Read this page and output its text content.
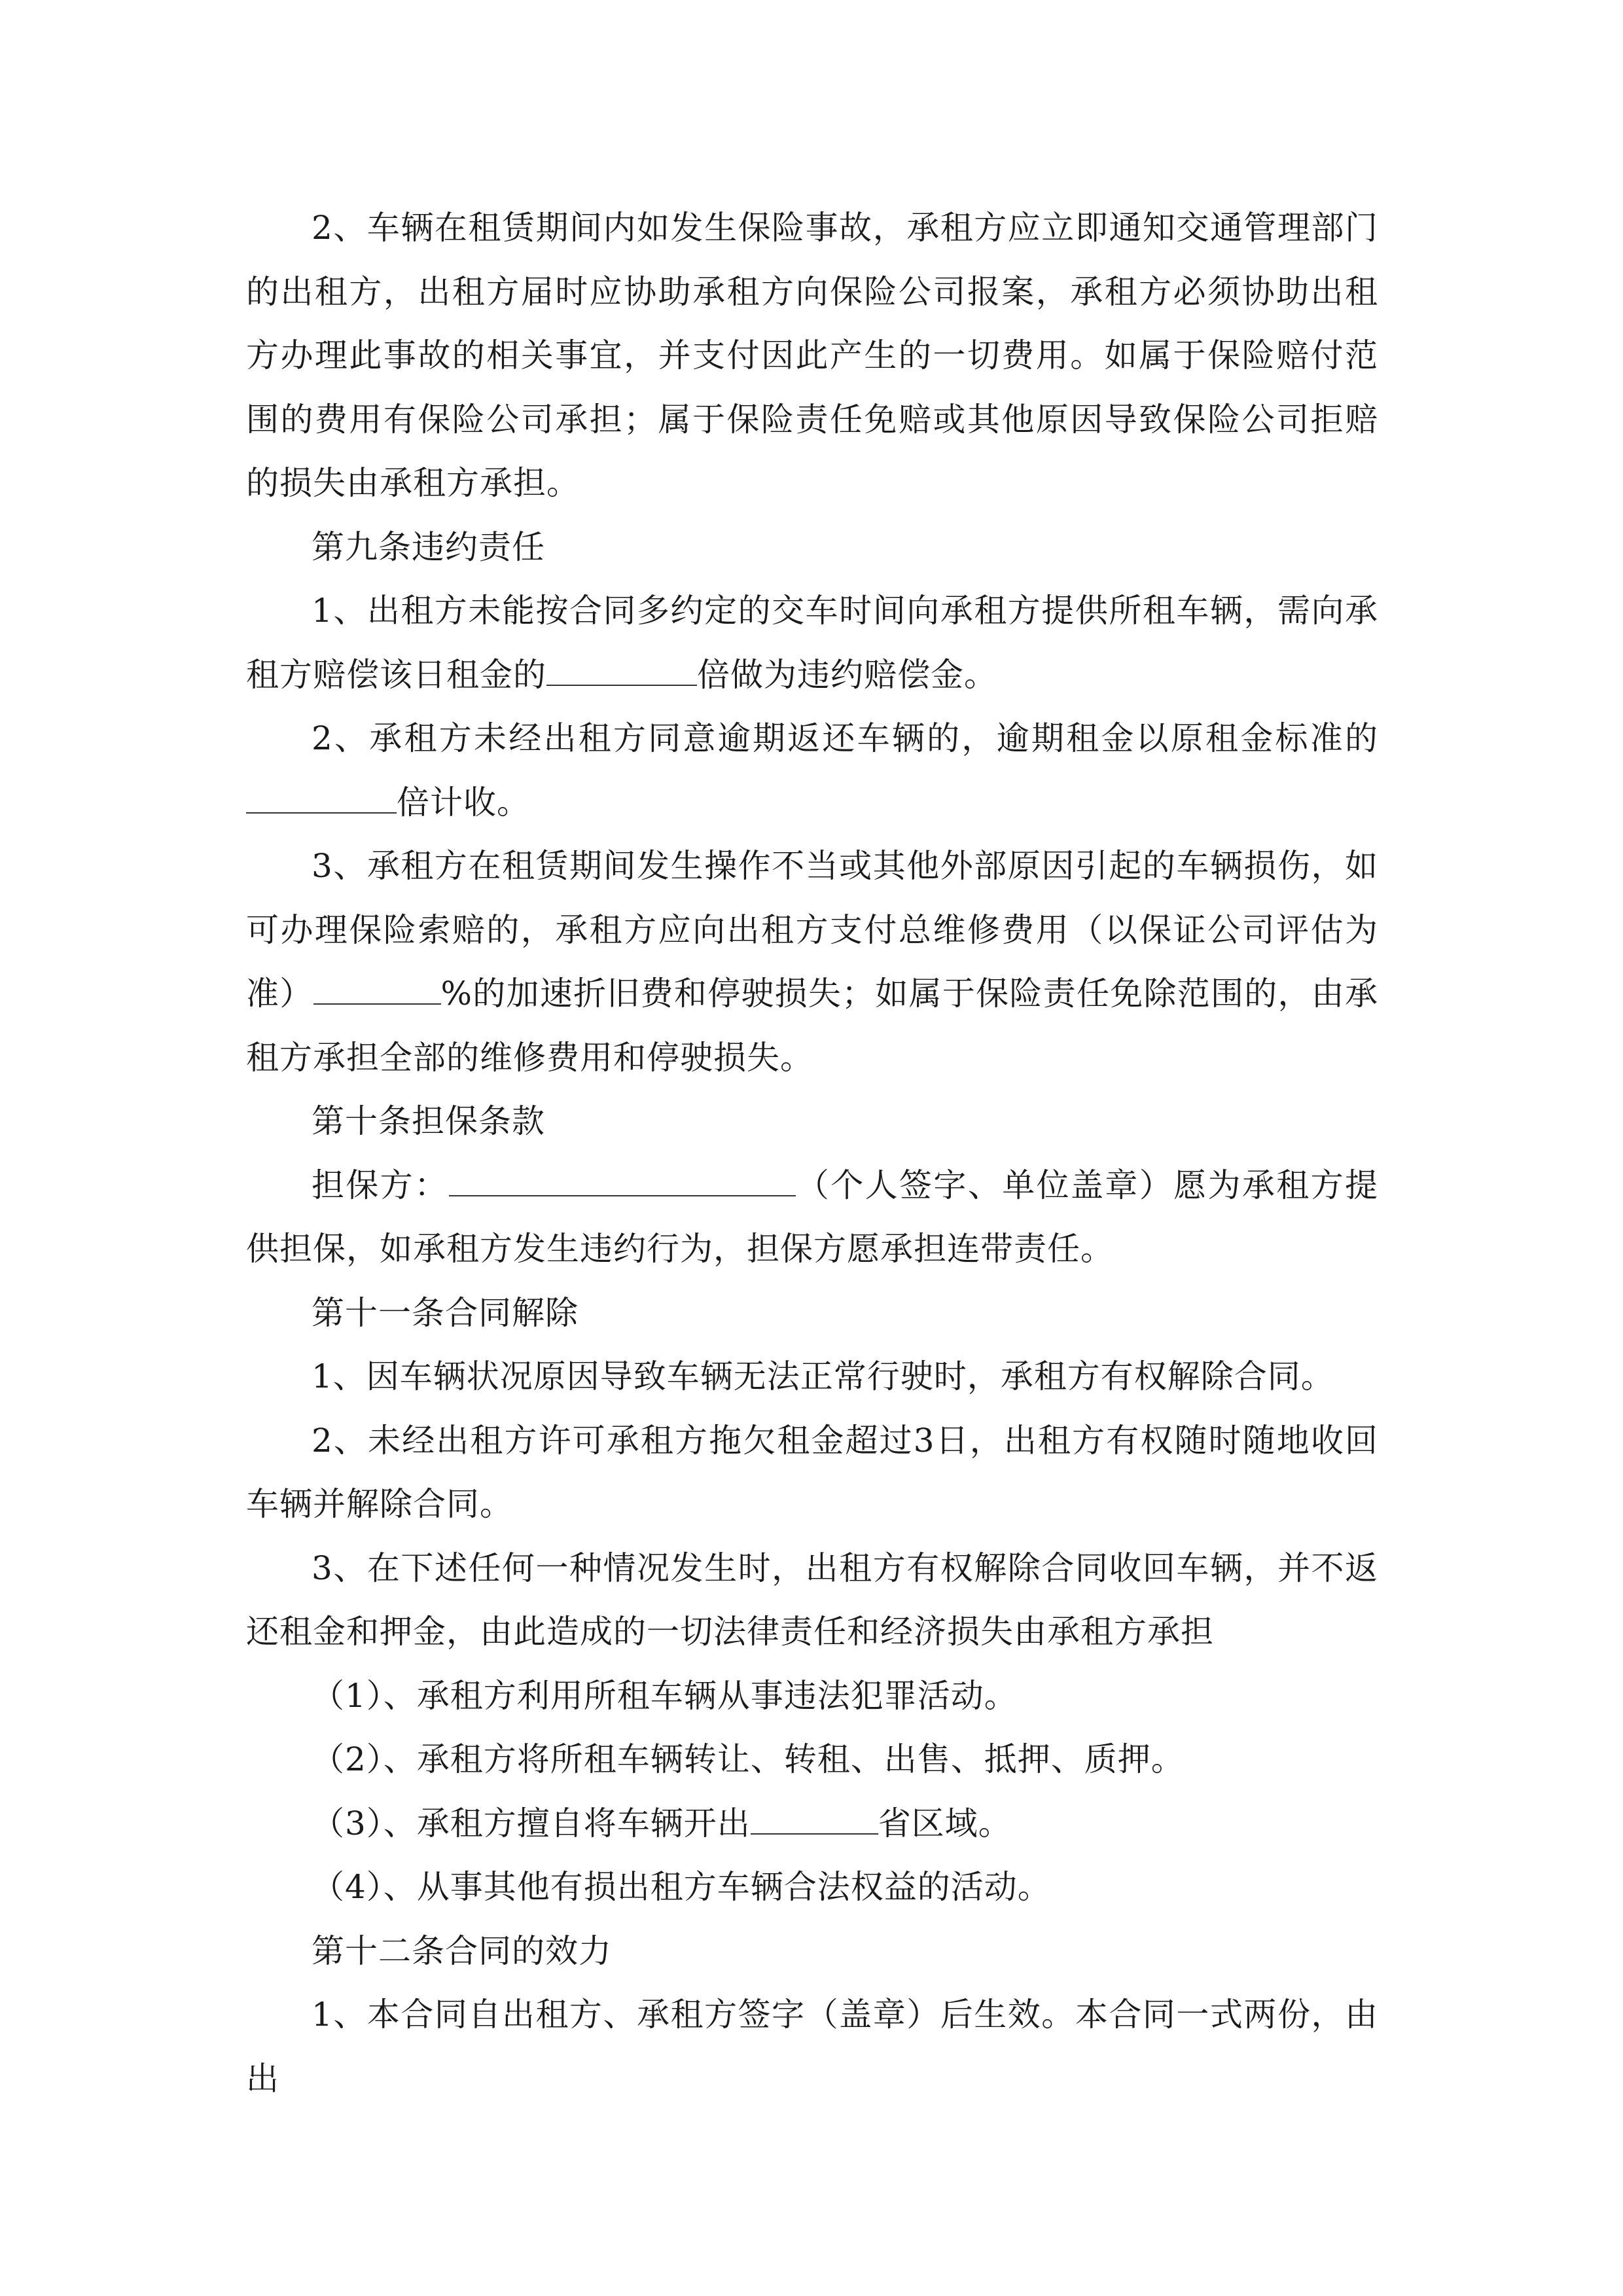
2、车辆在租赁期间内如发生保险事故，承租方应立即通知交通管理部门的出租方，出租方届时应协助承租方向保险公司报案，承租方必须协助出租方办理此事故的相关事宜，并支付因此产生的一切费用。如属于保险赔付范围的费用有保险公司承担；属于保险责任免赔或其他原因导致保险公司拒赔的损失由承租方承担。

第九条违约责任

1、出租方未能按合同多约定的交车时间向承租方提供所租车辆，需向承租方赔偿该日租金的	倍做为违约赔偿金。

2、承租方未经出租方同意逾期返还车辆的，逾期租金以原租金标准的倍计收。

3、承租方在租赁期间发生操作不当或其他外部原因引起的车辆损伤，如可办理保险索赔的，承租方应向出租方支付总维修费用（以保证公司评估为准）	%的加速折旧费和停驶损失；如属于保险责任免除范围的，由承租方承担全部的维修费用和停驶损失。

第十条担保条款

担保方：	（个人签字、单位盖章）愿为承租方提供担保，如承租方发生违约行为，担保方愿承担连带责任。

第十一条合同解除

1、因车辆状况原因导致车辆无法正常行驶时，承租方有权解除合同。

2、未经出租方许可承租方拖欠租金超过3日，出租方有权随时随地收回车辆并解除合同。

3、在下述任何一种情况发生时，出租方有权解除合同收回车辆，并不返还租金和押金，由此造成的一切法律责任和经济损失由承租方承担

（1）、承租方利用所租车辆从事违法犯罪活动。

（2）、承租方将所租车辆转让、转租、出售、抵押、质押。

（3）、承租方擅自将车辆开出	省区域。

（4）、从事其他有损出租方车辆合法权益的活动。

第十二条合同的效力

1、本合同自出租方、承租方签字（盖章）后生效。本合同一式两份，由出
